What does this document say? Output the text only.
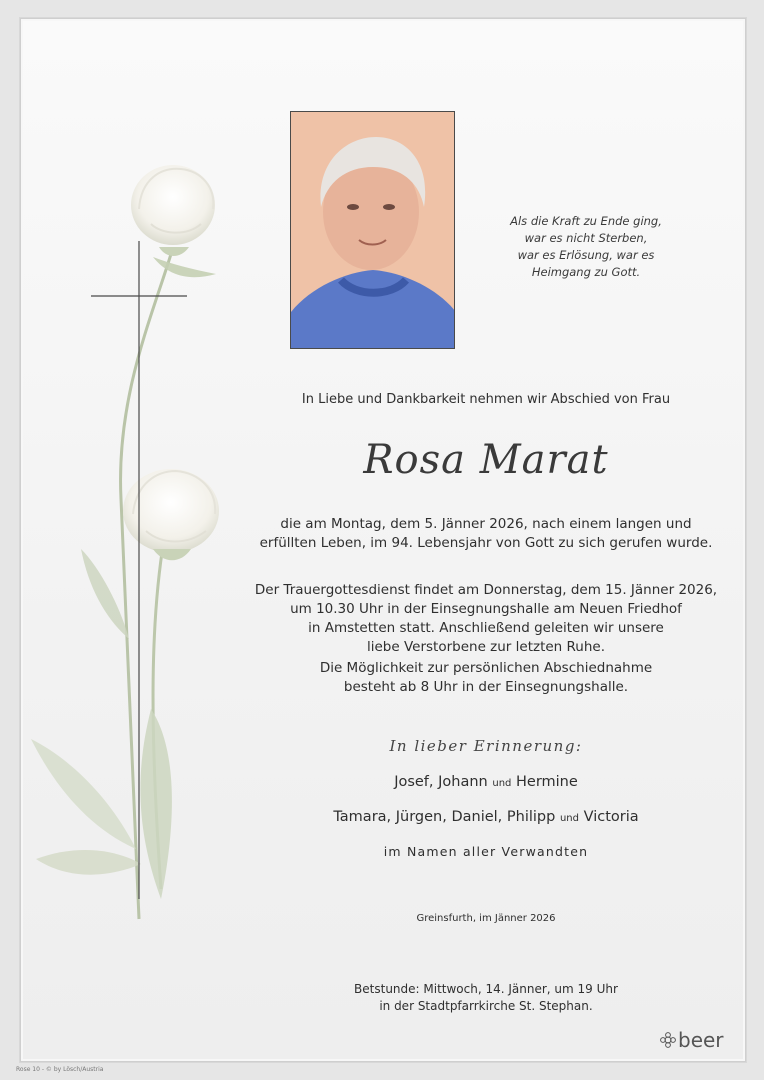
Als die Kraft zu Ende ging,
war es nicht Sterben,
war es Erlösung, war es
Heimgang zu Gott.
In Liebe und Dankbarkeit nehmen wir Abschied von Frau
Rosa Marat
die am Montag, dem 5. Jänner 2026, nach einem langen und
erfüllten Leben, im 94. Lebensjahr von Gott zu sich gerufen wurde.
Der Trauergottesdienst findet am Donnerstag, dem 15. Jänner 2026,
um 10.30 Uhr in der Einsegnungshalle am Neuen Friedhof
in Amstetten statt. Anschließend geleiten wir unsere
liebe Verstorbene zur letzten Ruhe.
Die Möglichkeit zur persönlichen Abschiednahme
besteht ab 8 Uhr in der Einsegnungshalle.
In lieber Erinnerung:
Josef, Johann und Hermine
Tamara, Jürgen, Daniel, Philipp und Victoria
im Namen aller Verwandten
Greinsfurth, im Jänner 2026
Betstunde: Mittwoch, 14. Jänner, um 19 Uhr
in der Stadtpfarrkirche St. Stephan.
beer
Rose 10 - © by Lösch/Austria
